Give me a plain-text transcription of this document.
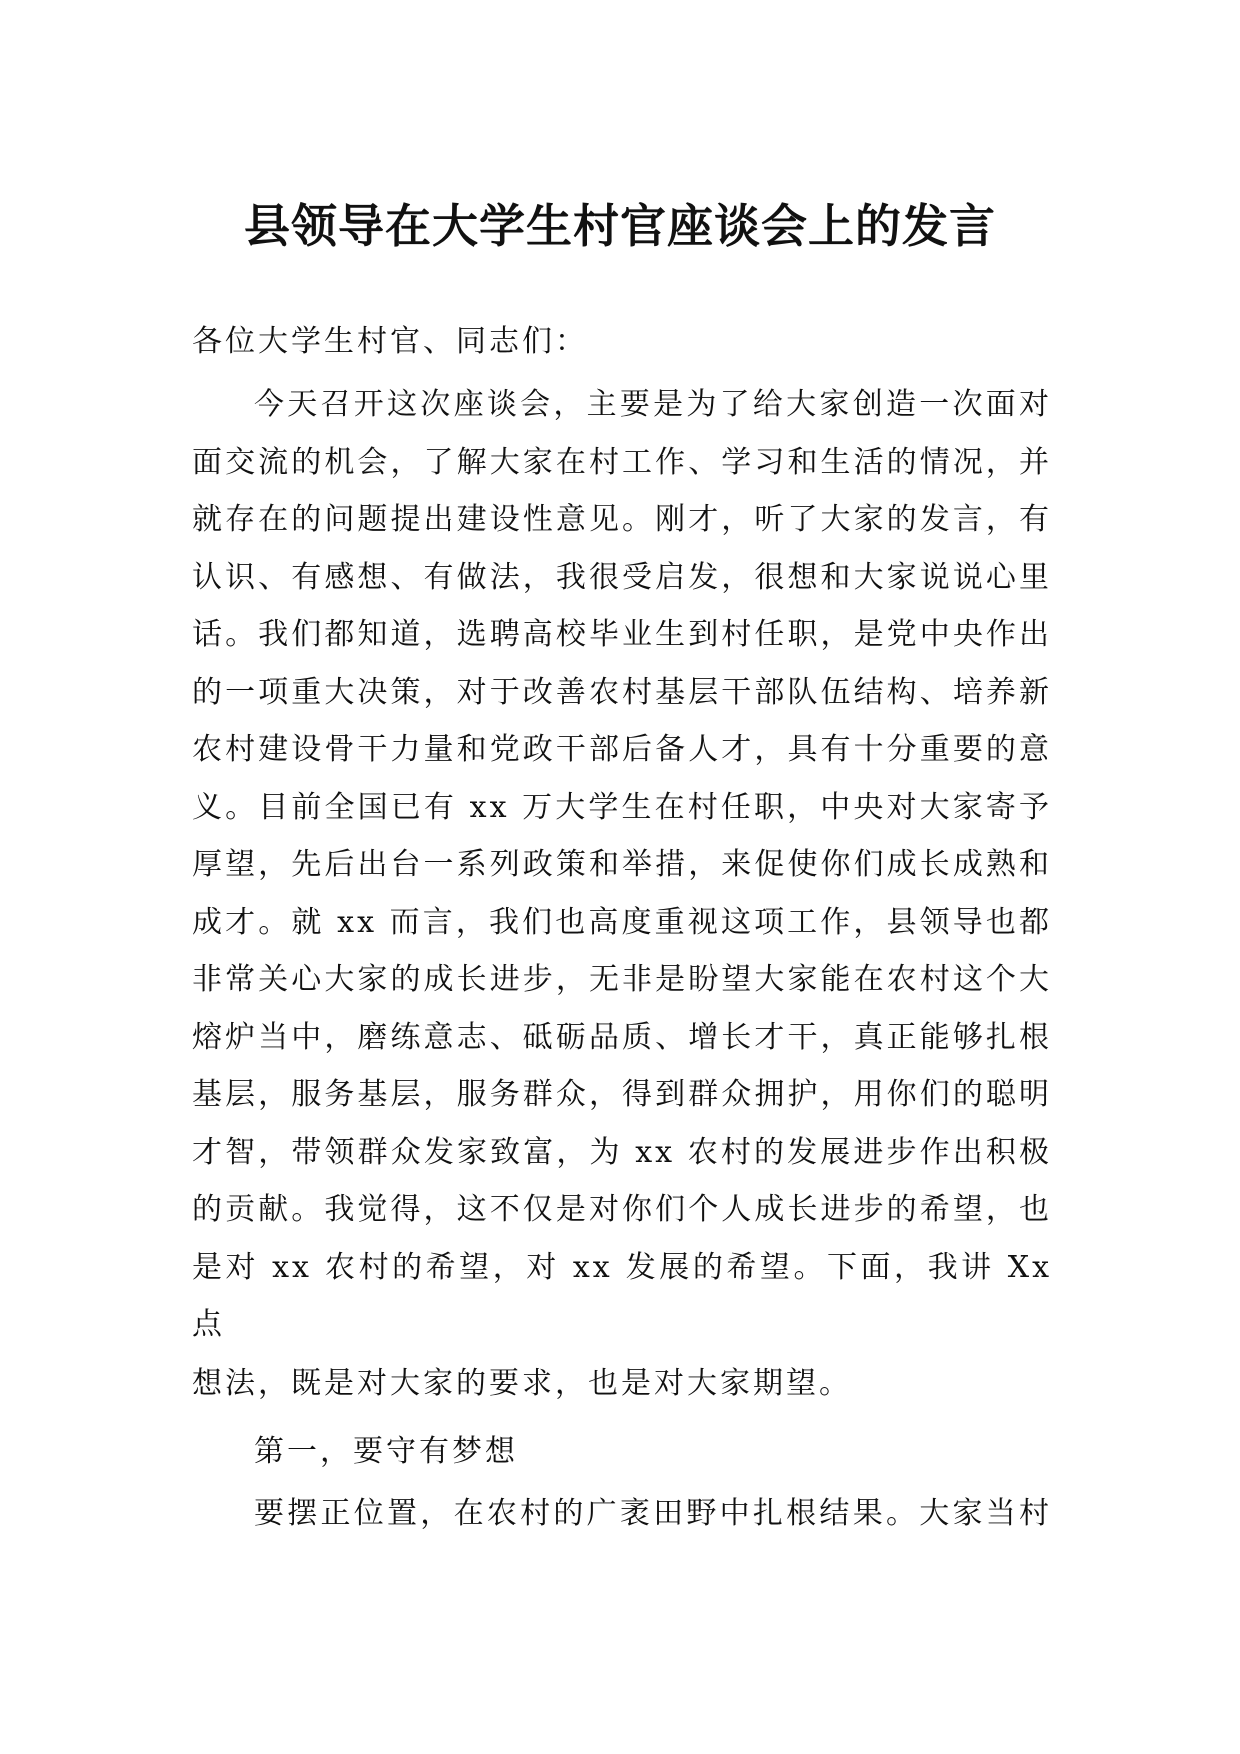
县领导在大学生村官座谈会上的发言

各位大学生村官、同志们：

今天召开这次座谈会，主要是为了给大家创造一次面对
面交流的机会，了解大家在村工作、学习和生活的情况，并
就存在的问题提出建设性意见。刚才，听了大家的发言，有
认识、有感想、有做法，我很受启发，很想和大家说说心里
话。我们都知道，选聘高校毕业生到村任职，是党中央作出
的一项重大决策，对于改善农村基层干部队伍结构、培养新
农村建设骨干力量和党政干部后备人才，具有十分重要的意
义。目前全国已有 xx 万大学生在村任职，中央对大家寄予
厚望，先后出台一系列政策和举措，来促使你们成长成熟和
成才。就 xx 而言，我们也高度重视这项工作，县领导也都
非常关心大家的成长进步，无非是盼望大家能在农村这个大
熔炉当中，磨练意志、砥砺品质、增长才干，真正能够扎根
基层，服务基层，服务群众，得到群众拥护，用你们的聪明
才智，带领群众发家致富，为 xx 农村的发展进步作出积极
的贡献。我觉得，这不仅是对你们个人成长进步的希望，也
是对 xx 农村的希望，对 xx 发展的希望。下面，我讲 Xx
点

想法，既是对大家的要求，也是对大家期望。

第一，要守有梦想

要摆正位置，在农村的广袤田野中扎根结果。大家当村
